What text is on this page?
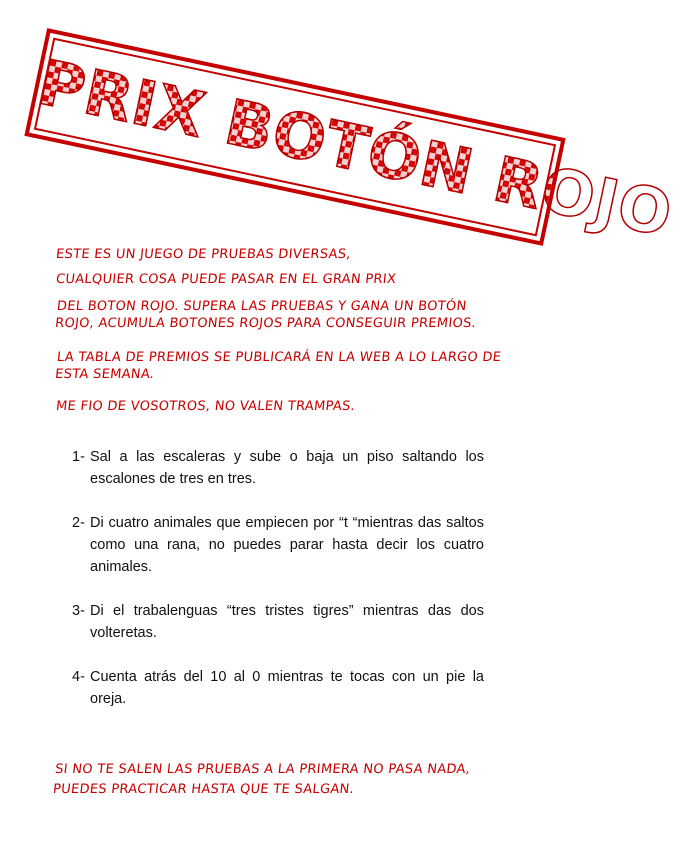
PRIX BOTÓN ROJO
ESTE ES UN JUEGO DE PRUEBAS DIVERSAS,
CUALQUIER COSA PUEDE PASAR EN EL GRAN PRIX
DEL BOTON ROJO. SUPERA LAS PRUEBAS Y GANA UN BOTÓN ROJO, ACUMULA BOTONES ROJOS PARA CONSEGUIR PREMIOS.
LA TABLA DE PREMIOS SE PUBLICARÁ EN LA WEB A LO LARGO DE ESTA SEMANA.
ME FIO DE VOSOTROS, NO VALEN TRAMPAS.
1 - Sal a las escaleras y sube o baja un piso saltando los escalones de tres en tres.
2 - Di cuatro animales que empiecen por “t “mientras das saltos como una rana, no puedes parar hasta decir los cuatro animales.
3 - Di el trabalenguas “tres tristes tigres” mientras das dos volteretas.
4 - Cuenta atrás del 10 al 0 mientras te tocas con un pie la oreja.
SI NO TE SALEN LAS PRUEBAS A LA PRIMERA NO PASA NADA, PUEDES PRACTICAR HASTA QUE TE SALGAN.
